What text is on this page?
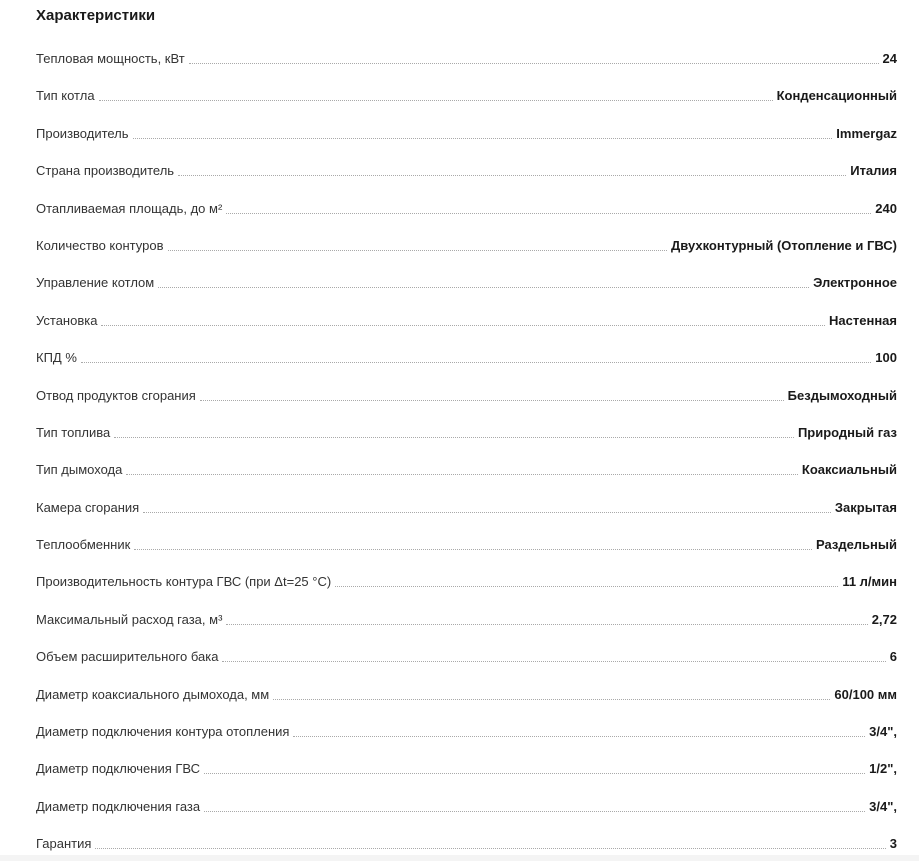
Характеристики
Тепловая мощность, кВт	24
Тип котла	Конденсационный
Производитель	Immergaz
Страна производитель	Италия
Отапливаемая площадь, до м²	240
Количество контуров	Двухконтурный (Отопление и ГВС)
Управление котлом	Электронное
Установка	Настенная
КПД %	100
Отвод продуктов сгорания	Бездымоходный
Тип топлива	Природный газ
Тип дымохода	Коаксиальный
Камера сгорания	Закрытая
Теплообменник	Раздельный
Производительность контура ГВС (при Δt=25 °С)	11 л/мин
Максимальный расход газа, м³	2,72
Объем расширительного бака	6
Диаметр коаксиального дымохода, мм	60/100 мм
Диаметр подключения контура отопления	3/4",
Диаметр подключения ГВС	1/2",
Диаметр подключения газа	3/4",
Гарантия	3
